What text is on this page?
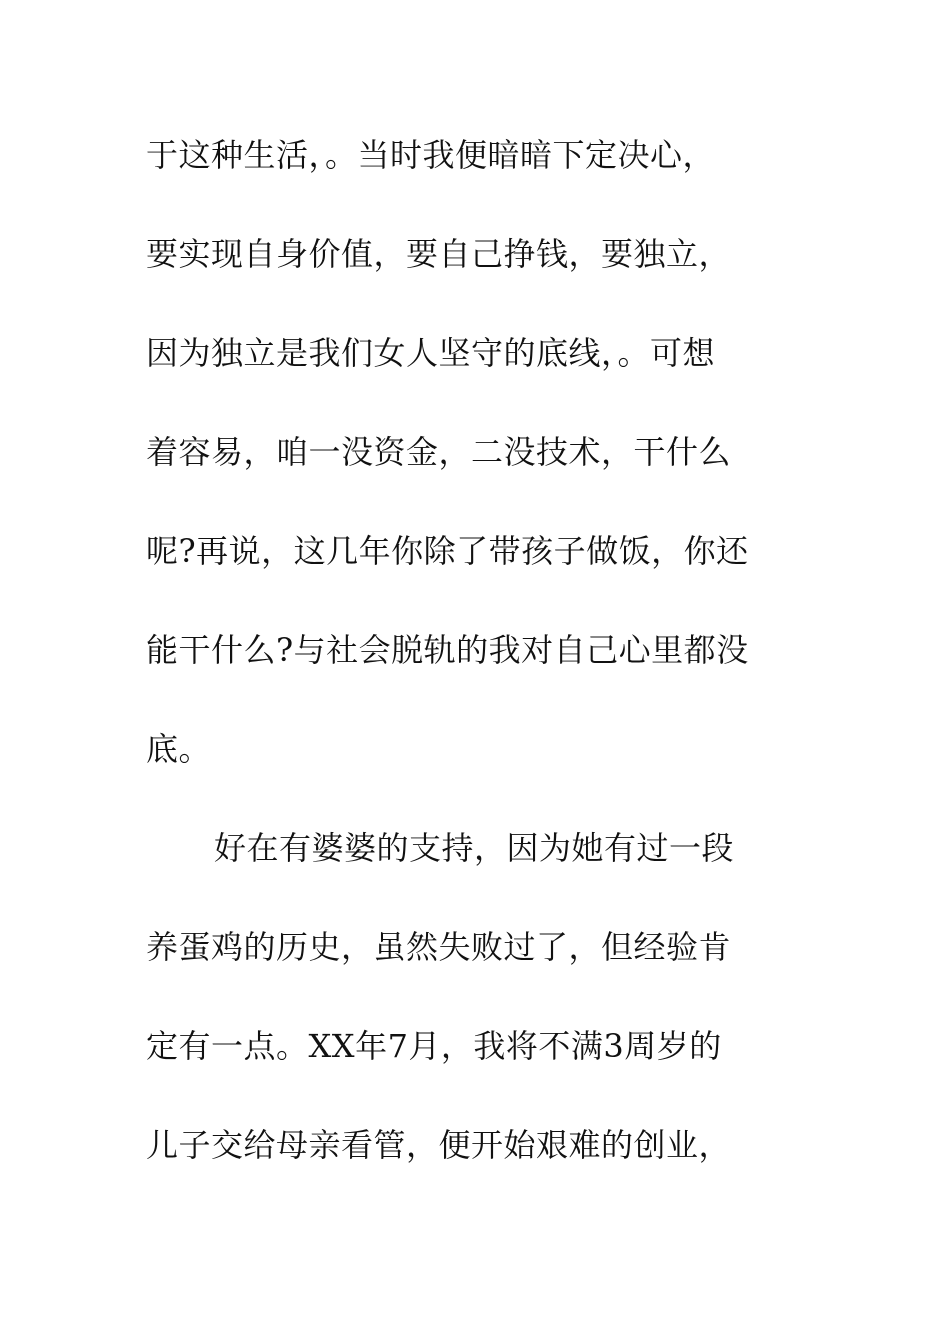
于这种生活，。当时我便暗暗下定决心，
要实现自身价值，要自己挣钱，要独立，
因为独立是我们女人坚守的底线，。可想
着容易，咱一没资金，二没技术，干什么
呢?再说，这几年你除了带孩子做饭，你还
能干什么?与社会脱轨的我对自己心里都没
底。
好在有婆婆的支持，因为她有过一段
养蛋鸡的历史，虽然失败过了，但经验肯
定有一点。XX年7月，我将不满3周岁的
儿子交给母亲看管，便开始艰难的创业，
